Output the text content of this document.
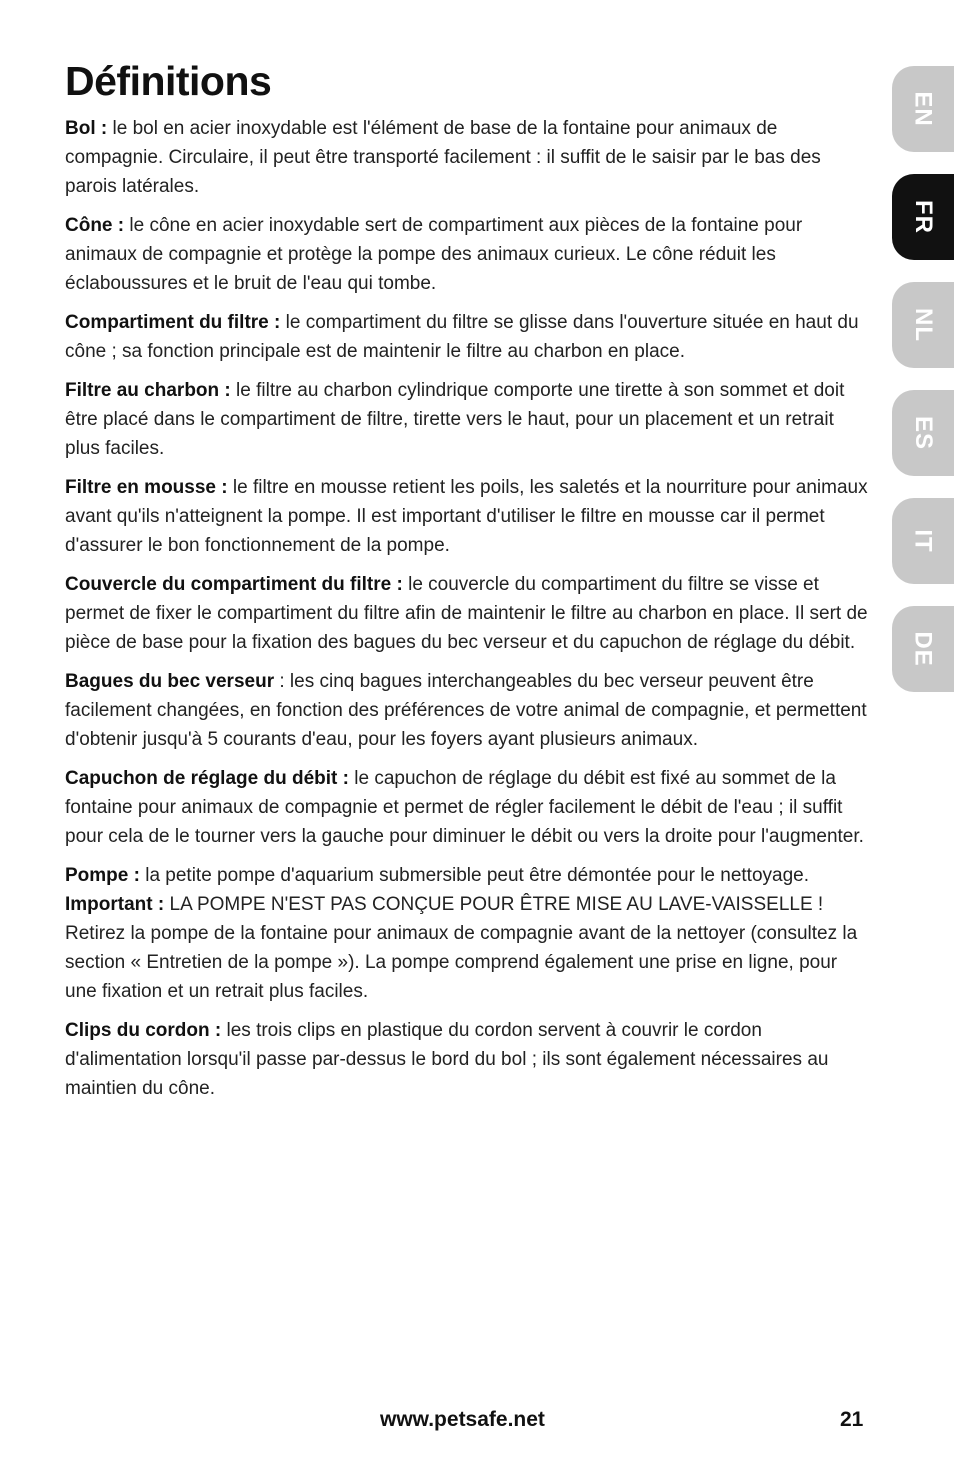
Définitions

Bol : le bol en acier inoxydable est l'élément de base de la fontaine pour animaux de compagnie. Circulaire, il peut être transporté facilement : il suffit de le saisir par le bas des parois latérales.

Cône : le cône en acier inoxydable sert de compartiment aux pièces de la fontaine pour animaux de compagnie et protège la pompe des animaux curieux. Le cône réduit les éclaboussures et le bruit de l'eau qui tombe.

Compartiment du filtre : le compartiment du filtre se glisse dans l'ouverture située en haut du cône ; sa fonction principale est de maintenir le filtre au charbon en place.

Filtre au charbon : le filtre au charbon cylindrique comporte une tirette à son sommet et doit être placé dans le compartiment de filtre, tirette vers le haut, pour un placement et un retrait plus faciles.

Filtre en mousse : le filtre en mousse retient les poils, les saletés et la nourriture pour animaux avant qu'ils n'atteignent la pompe. Il est important d'utiliser le filtre en mousse car il permet d'assurer le bon fonctionnement de la pompe.

Couvercle du compartiment du filtre : le couvercle du compartiment du filtre se visse et permet de fixer le compartiment du filtre afin de maintenir le filtre au charbon en place. Il sert de pièce de base pour la fixation des bagues du bec verseur et du capuchon de réglage du débit.

Bagues du bec verseur : les cinq bagues interchangeables du bec verseur peuvent être facilement changées, en fonction des préférences de votre animal de compagnie, et permettent d'obtenir jusqu'à 5 courants d'eau, pour les foyers ayant plusieurs animaux.

Capuchon de réglage du débit : le capuchon de réglage du débit est fixé au sommet de la fontaine pour animaux de compagnie et permet de régler facilement le débit de l'eau ; il suffit pour cela de le tourner vers la gauche pour diminuer le débit ou vers la droite pour l'augmenter.

Pompe : la petite pompe d'aquarium submersible peut être démontée pour le nettoyage. Important : LA POMPE N'EST PAS CONÇUE POUR ÊTRE MISE AU LAVE-VAISSELLE ! Retirez la pompe de la fontaine pour animaux de compagnie avant de la nettoyer (consultez la section « Entretien de la pompe »). La pompe comprend également une prise en ligne, pour une fixation et un retrait plus faciles.

Clips du cordon : les trois clips en plastique du cordon servent à couvrir le cordon d'alimentation lorsqu'il passe par-dessus le bord du bol ; ils sont également nécessaires au maintien du cône.

EN
FR
NL
ES
IT
DE
www.petsafe.net	21
